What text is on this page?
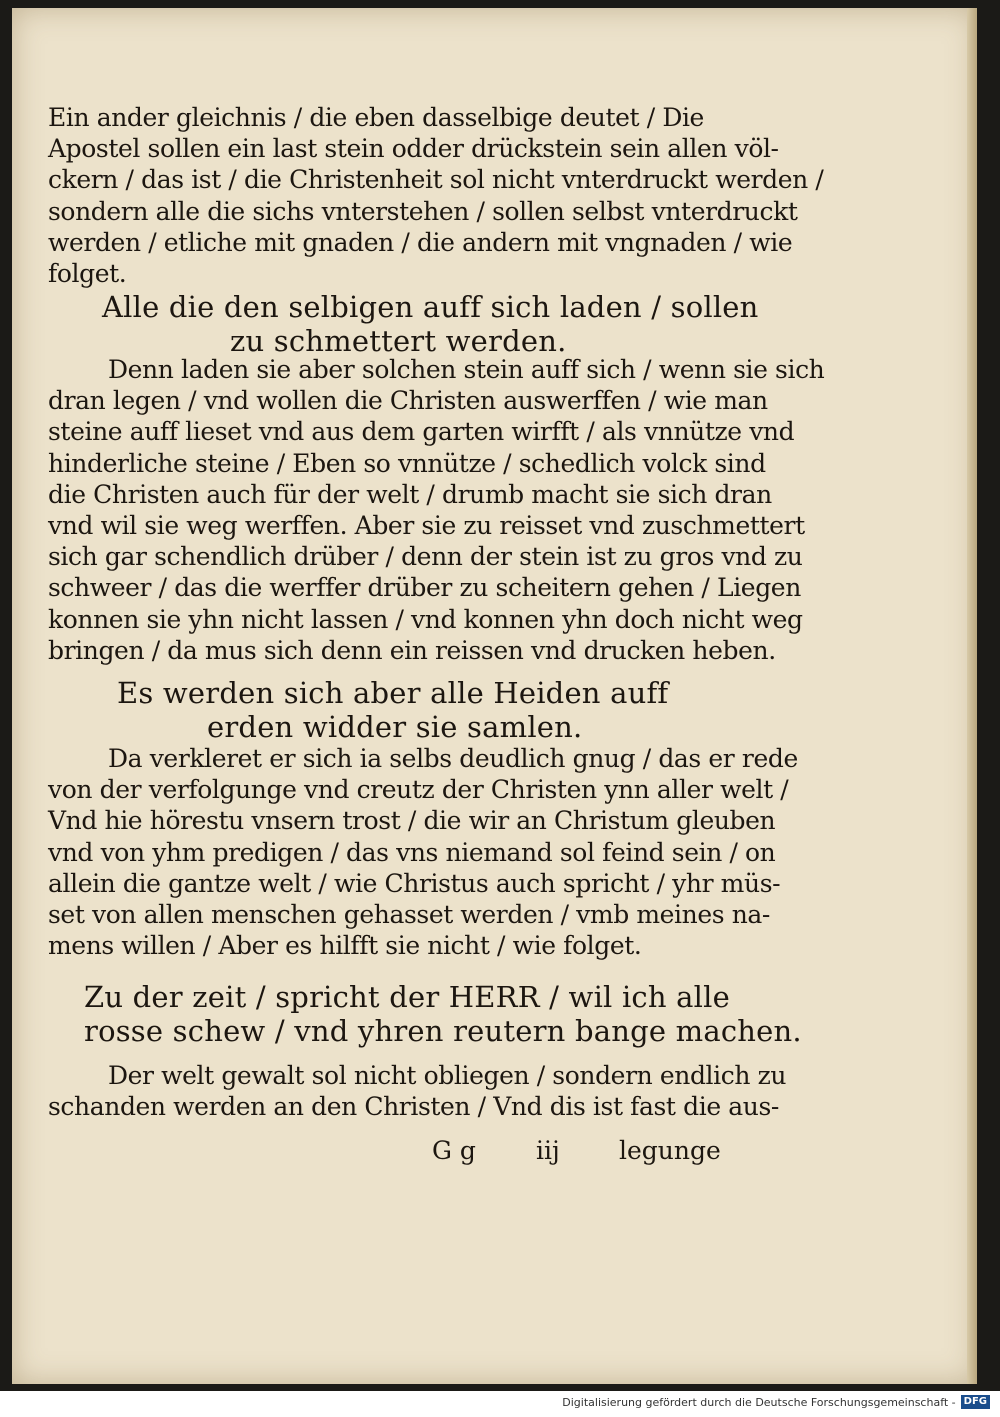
Ein ander gleichnis / die eben dasselbige deutet / Die
Apostel sollen ein last stein odder drückstein sein allen völ-
ckern / das ist / die Christenheit sol nicht vnterdruckt werden /
sondern alle die sichs vnterstehen / sollen selbst vnterdruckt
werden / etliche mit gnaden / die andern mit vngnaden / wie
folget.
Alle die den selbigen auff sich laden / sollen
zu schmettert werden.
Denn laden sie aber solchen stein auff sich / wenn sie sich
dran legen / vnd wollen die Christen auswerffen / wie man
steine auff lieset vnd aus dem garten wirfft / als vnnütze vnd
hinderliche steine / Eben so vnnütze / schedlich volck sind
die Christen auch für der welt / drumb macht sie sich dran
vnd wil sie weg werffen. Aber sie zu reisset vnd zuschmettert
sich gar schendlich drüber / denn der stein ist zu gros vnd zu
schweer / das die werffer drüber zu scheitern gehen / Liegen
konnen sie yhn nicht lassen / vnd konnen yhn doch nicht weg
bringen / da mus sich denn ein reissen vnd drucken heben.
Es werden sich aber alle Heiden auff
erden widder sie samlen.
Da verkleret er sich ia selbs deudlich gnug / das er rede
von der verfolgunge vnd creutz der Christen ynn aller welt /
Vnd hie hörestu vnsern trost / die wir an Christum gleuben
vnd von yhm predigen / das vns niemand sol feind sein / on
allein die gantze welt / wie Christus auch spricht / yhr müs-
set von allen menschen gehasset werden / vmb meines na-
mens willen / Aber es hilfft sie nicht / wie folget.
Zu der zeit / spricht der HERR / wil ich alle
rosse schew / vnd yhren reutern bange machen.
Der welt gewalt sol nicht obliegen / sondern endlich zu
schanden werden an den Christen / Vnd dis ist fast die aus-
G g iij legunge
Digitalisierung gefördert durch die Deutsche Forschungsgemeinschaft - DFG
